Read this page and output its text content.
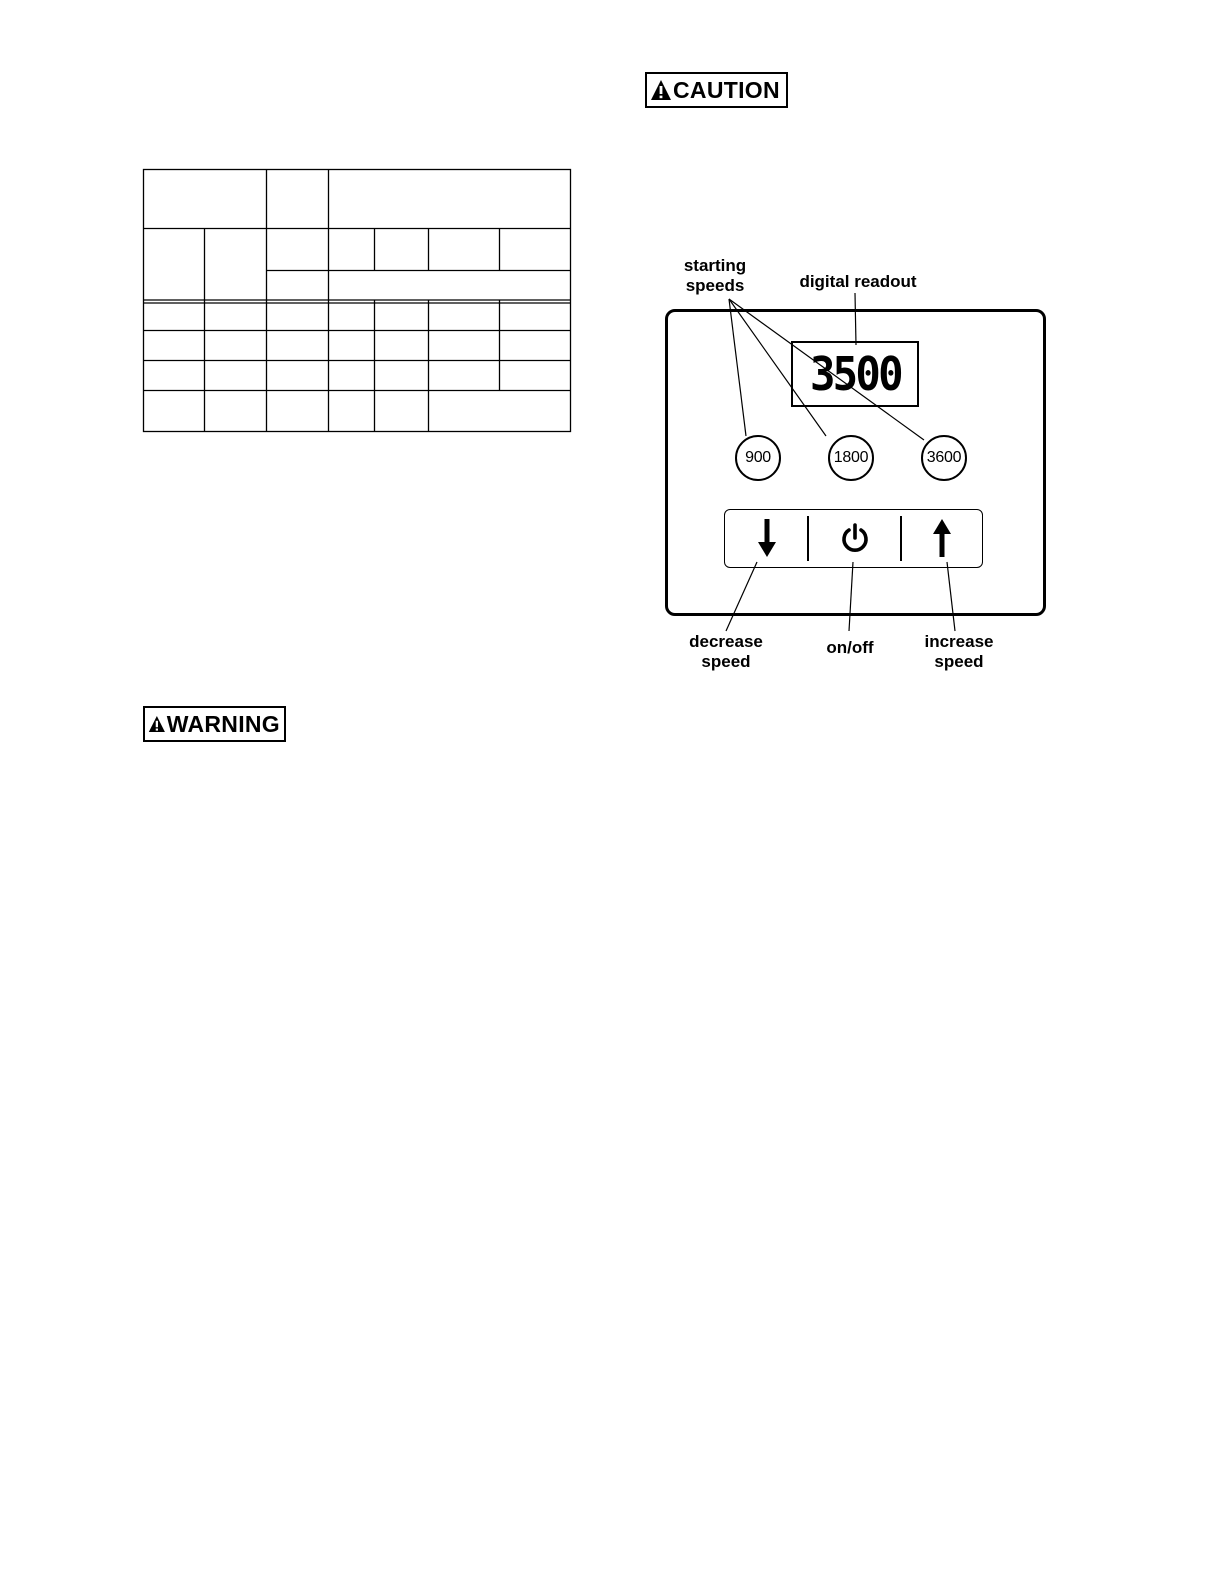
CAUTION
starting
speeds	digital readout
3500
900	1800	3600
decrease
speed
on/off	increase
speed
WARNING
